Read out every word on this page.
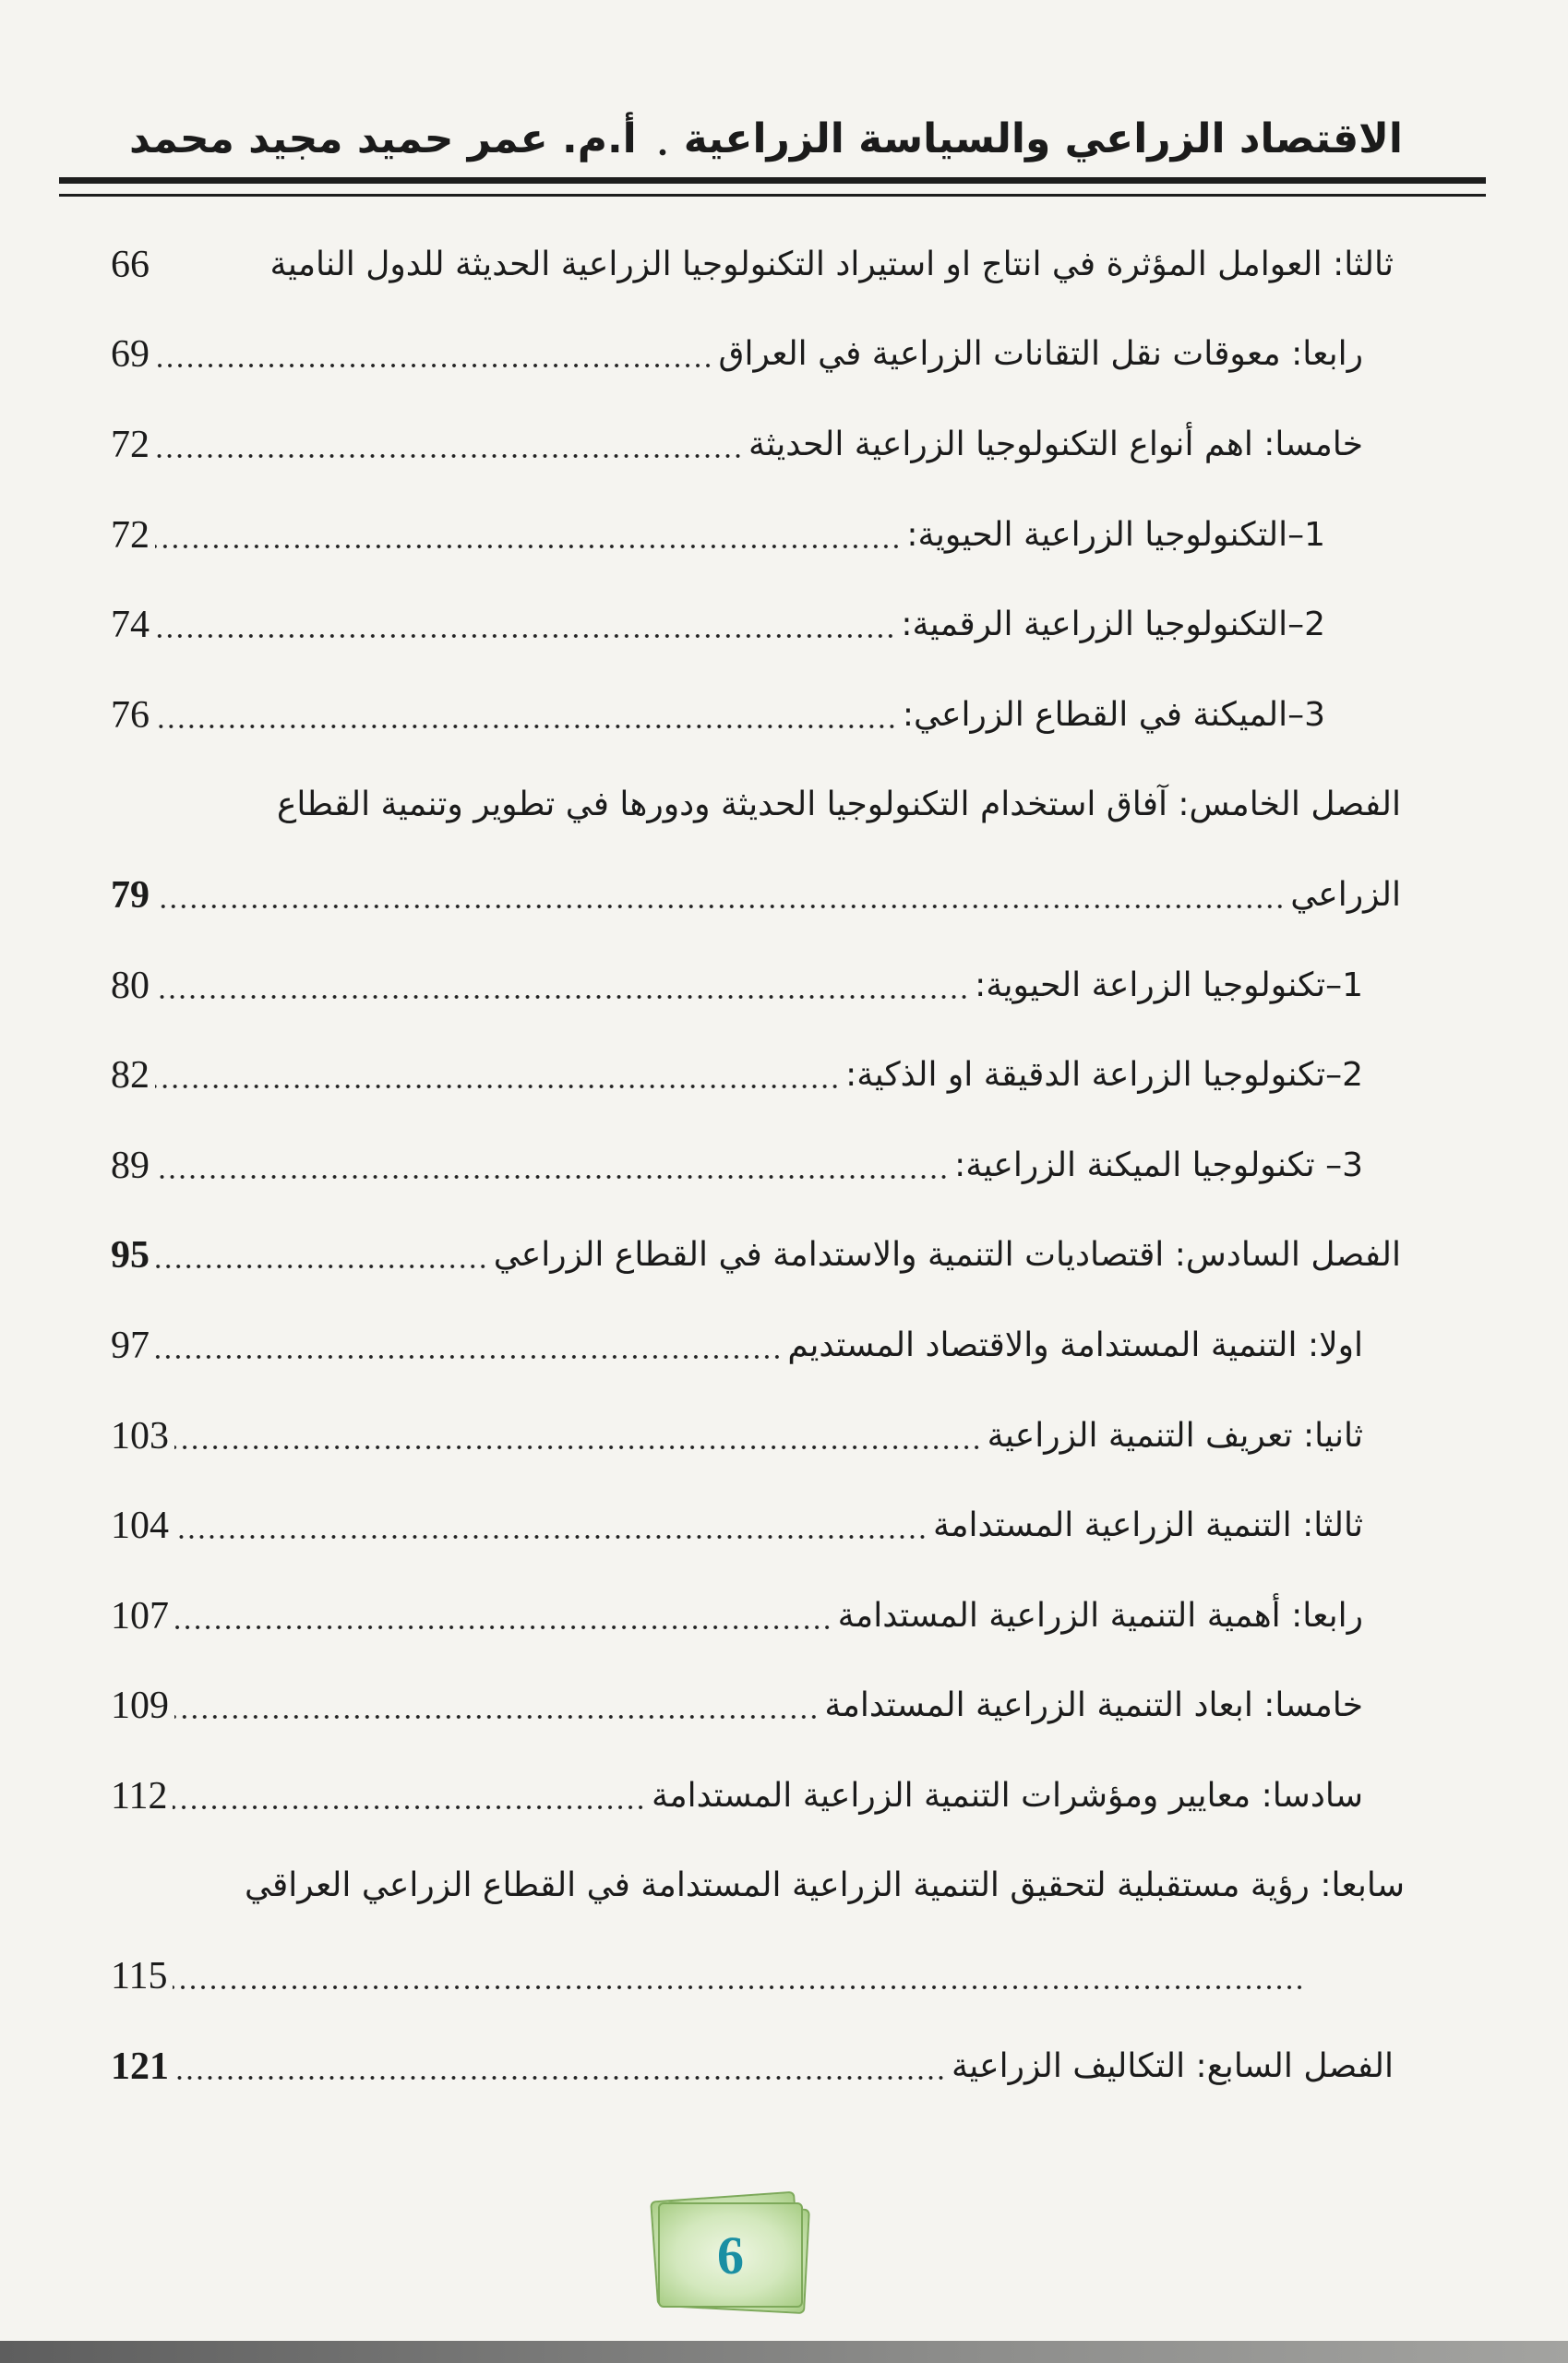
الاقتصاد الزراعي والسياسة الزراعية
أ.م. عمر حميد مجيد محمد
ثالثا: العوامل المؤثرة في انتاج او استيراد التكنولوجيا الزراعية الحديثة للدول النامية
66
رابعا: معوقات نقل التقانات الزراعية في العراق
69
خامسا: اهم أنواع التكنولوجيا الزراعية الحديثة
72
1–التكنولوجيا الزراعية الحيوية:
72
2–التكنولوجيا الزراعية الرقمية:
74
3–الميكنة في القطاع الزراعي:
76
الفصل الخامس: آفاق استخدام التكنولوجيا الحديثة ودورها في تطوير وتنمية القطاع
الزراعي
79
1–تكنولوجيا الزراعة الحيوية:
80
2–تكنولوجيا الزراعة الدقيقة او الذكية:
82
3– تكنولوجيا الميكنة الزراعية:
89
الفصل السادس: اقتصاديات التنمية والاستدامة في القطاع الزراعي
95
اولا: التنمية المستدامة والاقتصاد المستديم
97
ثانيا: تعريف التنمية الزراعية
103
ثالثا: التنمية الزراعية المستدامة
104
رابعا: أهمية التنمية الزراعية المستدامة
107
خامسا: ابعاد التنمية الزراعية المستدامة
109
سادسا: معايير ومؤشرات التنمية الزراعية المستدامة
112
سابعا: رؤية مستقبلية لتحقيق التنمية الزراعية المستدامة في القطاع الزراعي العراقي
115
الفصل السابع: التكاليف الزراعية
121
6
